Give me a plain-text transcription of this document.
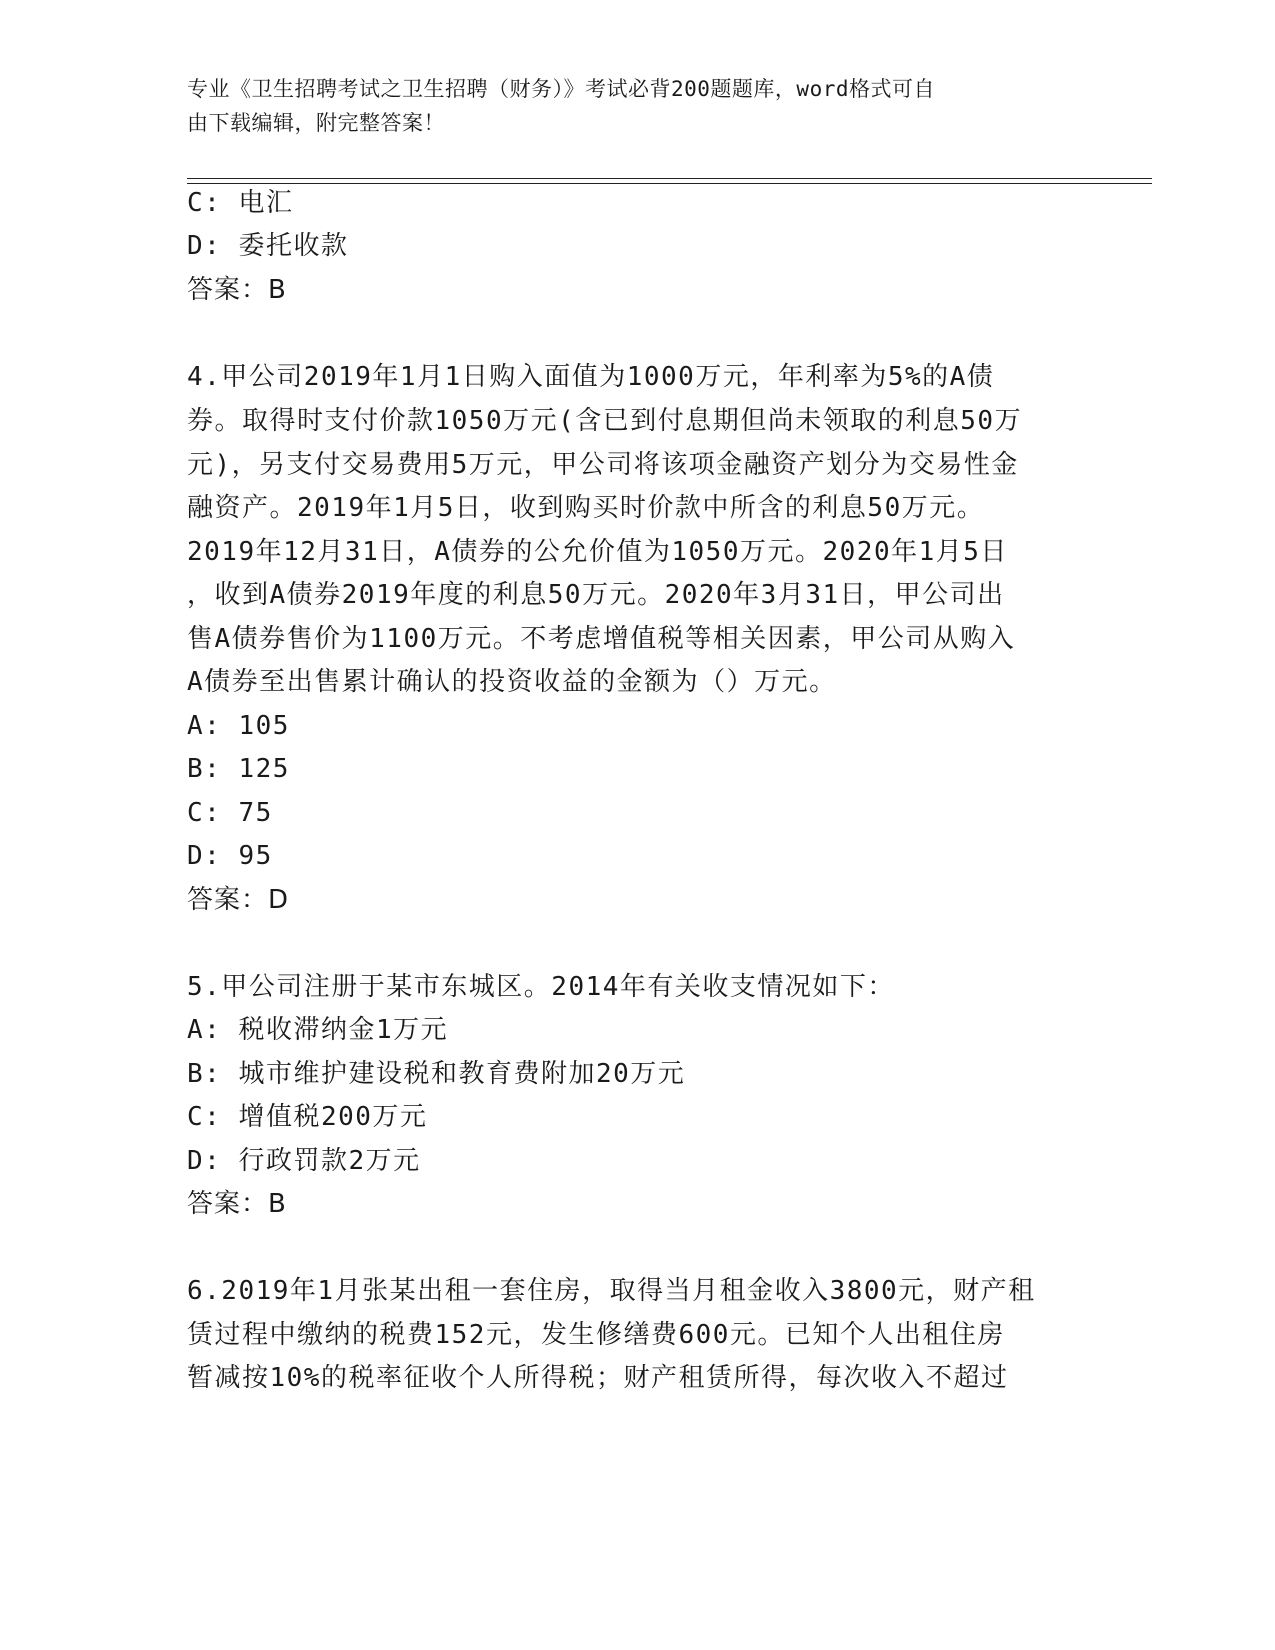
专业《卫生招聘考试之卫生招聘（财务）》考试必背200题题库，word格式可自
由下载编辑，附完整答案！
C: 电汇
D: 委托收款
答案：B
4.甲公司2019年1月1日购入面值为1000万元，年利率为5%的A债
券。取得时支付价款1050万元(含已到付息期但尚未领取的利息50万
元)，另支付交易费用5万元，甲公司将该项金融资产划分为交易性金
融资产。2019年1月5日，收到购买时价款中所含的利息50万元。
2019年12月31日，A债券的公允价值为1050万元。2020年1月5日
，收到A债券2019年度的利息50万元。2020年3月31日，甲公司出
售A债券售价为1100万元。不考虑增值税等相关因素，甲公司从购入
A债券至出售累计确认的投资收益的金额为（）万元。
A: 105
B: 125
C: 75
D: 95
答案：D
5.甲公司注册于某市东城区。2014年有关收支情况如下：
A: 税收滞纳金1万元
B: 城市维护建设税和教育费附加20万元
C: 增值税200万元
D: 行政罚款2万元
答案：B
6.2019年1月张某出租一套住房，取得当月租金收入3800元，财产租
赁过程中缴纳的税费152元，发生修缮费600元。已知个人出租住房
暂减按10%的税率征收个人所得税；财产租赁所得，每次收入不超过
